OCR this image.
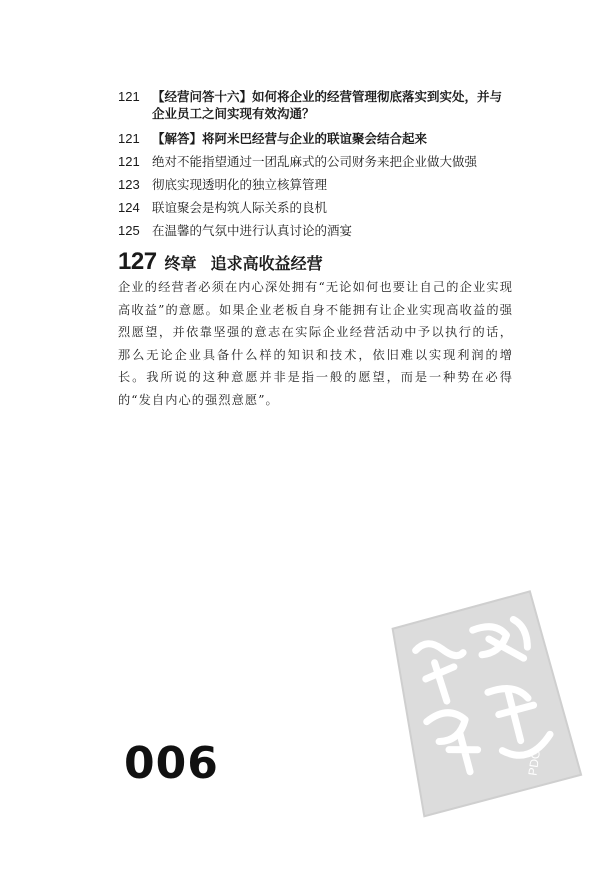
121 【经营问答十六】如何将企业的经营管理彻底落实到实处，并与企业员工之间实现有效沟通？
121 【解答】将阿米巴经营与企业的联谊聚会结合起来
121 绝对不能指望通过一团乱麻式的公司财务来把企业做大做强
123 彻底实现透明化的独立核算管理
124 联谊聚会是构筑人际关系的良机
125 在温馨的气氛中进行认真讨论的酒宴
127 终章 追求高收益经营
企业的经营者必须在内心深处拥有“无论如何也要让自己的企业实现高收益”的意愿。如果企业老板自身不能拥有让企业实现高收益的强烈愿望，并依靠坚强的意志在实际企业经营活动中予以执行的话，那么无论企业具备什么样的知识和技术，依旧难以实现利润的增长。我所说的这种意愿并非是指一般的愿望，而是一种势在必得的“发自内心的强烈意愿”。
PDG
006
